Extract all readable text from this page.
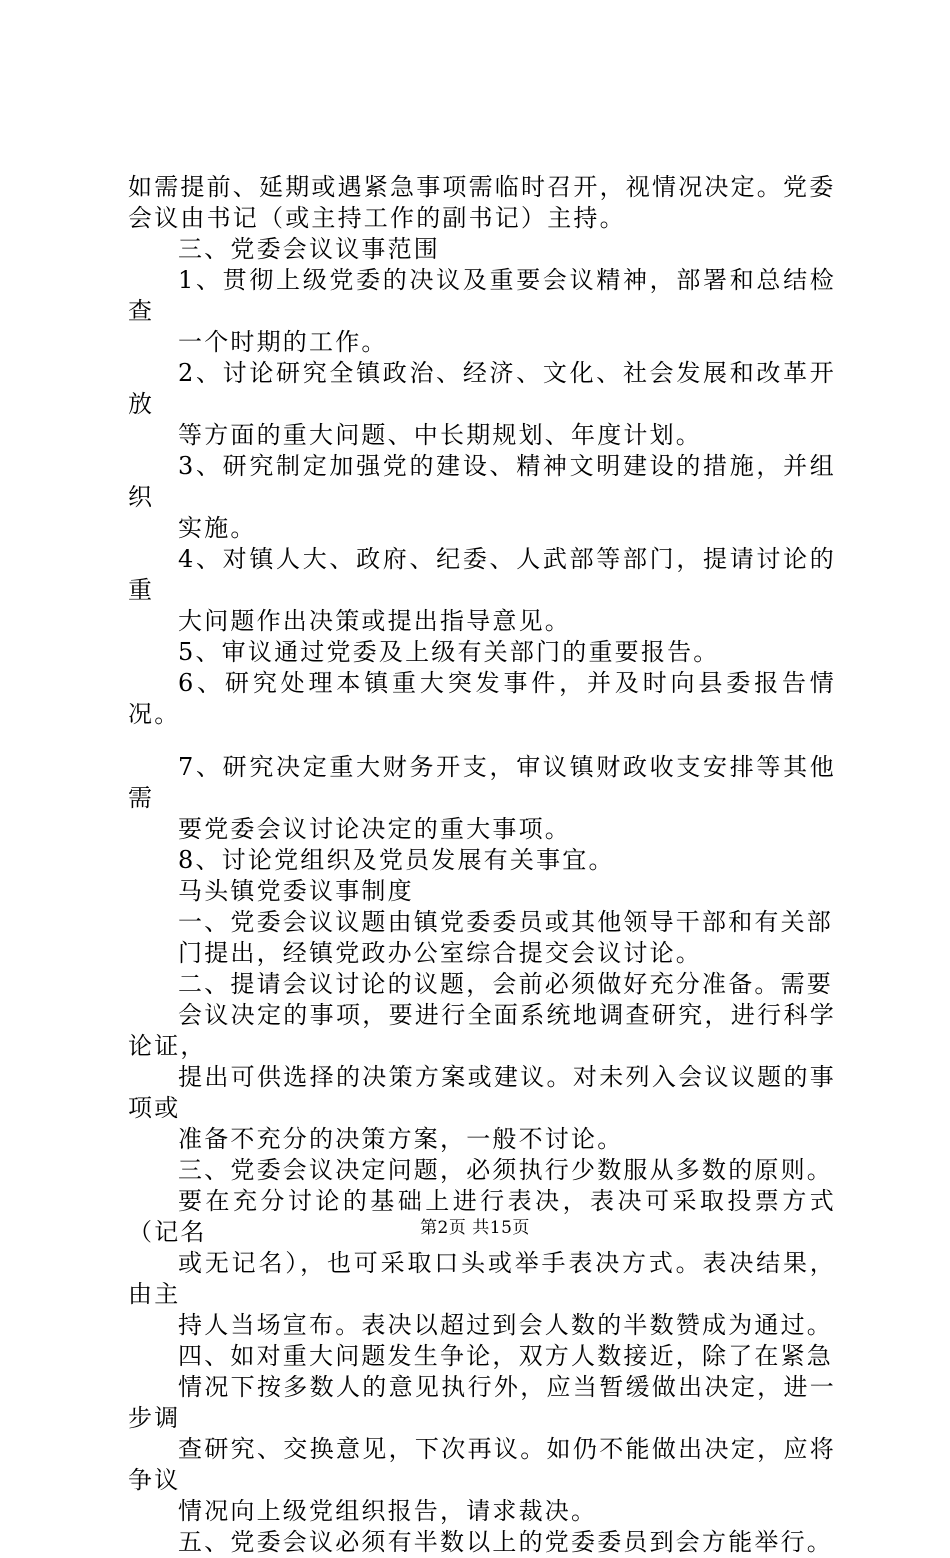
如需提前、延期或遇紧急事项需临时召开，视情况决定。党委
会议由书记（或主持工作的副书记）主持。

三、党委会议议事范围

1、贯彻上级党委的决议及重要会议精神，部署和总结检查
一个时期的工作。

2、讨论研究全镇政治、经济、文化、社会发展和改革开放
等方面的重大问题、中长期规划、年度计划。

3、研究制定加强党的建设、精神文明建设的措施，并组织
实施。

4、对镇人大、政府、纪委、人武部等部门，提请讨论的重
大问题作出决策或提出指导意见。

5、审议通过党委及上级有关部门的重要报告。

6、研究处理本镇重大突发事件，并及时向县委报告情况。

7、研究决定重大财务开支，审议镇财政收支安排等其他需
要党委会议讨论决定的重大事项。

8、讨论党组织及党员发展有关事宜。

马头镇党委议事制度

一、党委会议议题由镇党委委员或其他领导干部和有关部
门提出，经镇党政办公室综合提交会议讨论。

二、提请会议讨论的议题，会前必须做好充分准备。需要
会议决定的事项，要进行全面系统地调查研究，进行科学论证，
提出可供选择的决策方案或建议。对未列入会议议题的事项或
准备不充分的决策方案，一般不讨论。

三、党委会议决定问题，必须执行少数服从多数的原则。
要在充分讨论的基础上进行表决，表决可采取投票方式（记名
或无记名），也可采取口头或举手表决方式。表决结果，由主
持人当场宣布。表决以超过到会人数的半数赞成为通过。

四、如对重大问题发生争论，双方人数接近，除了在紧急
情况下按多数人的意见执行外，应当暂缓做出决定，进一步调
查研究、交换意见，下次再议。如仍不能做出决定，应将争议
情况向上级党组织报告，请求裁决。

五、党委会议必须有半数以上的党委委员到会方能举行。

第2页 共15页
